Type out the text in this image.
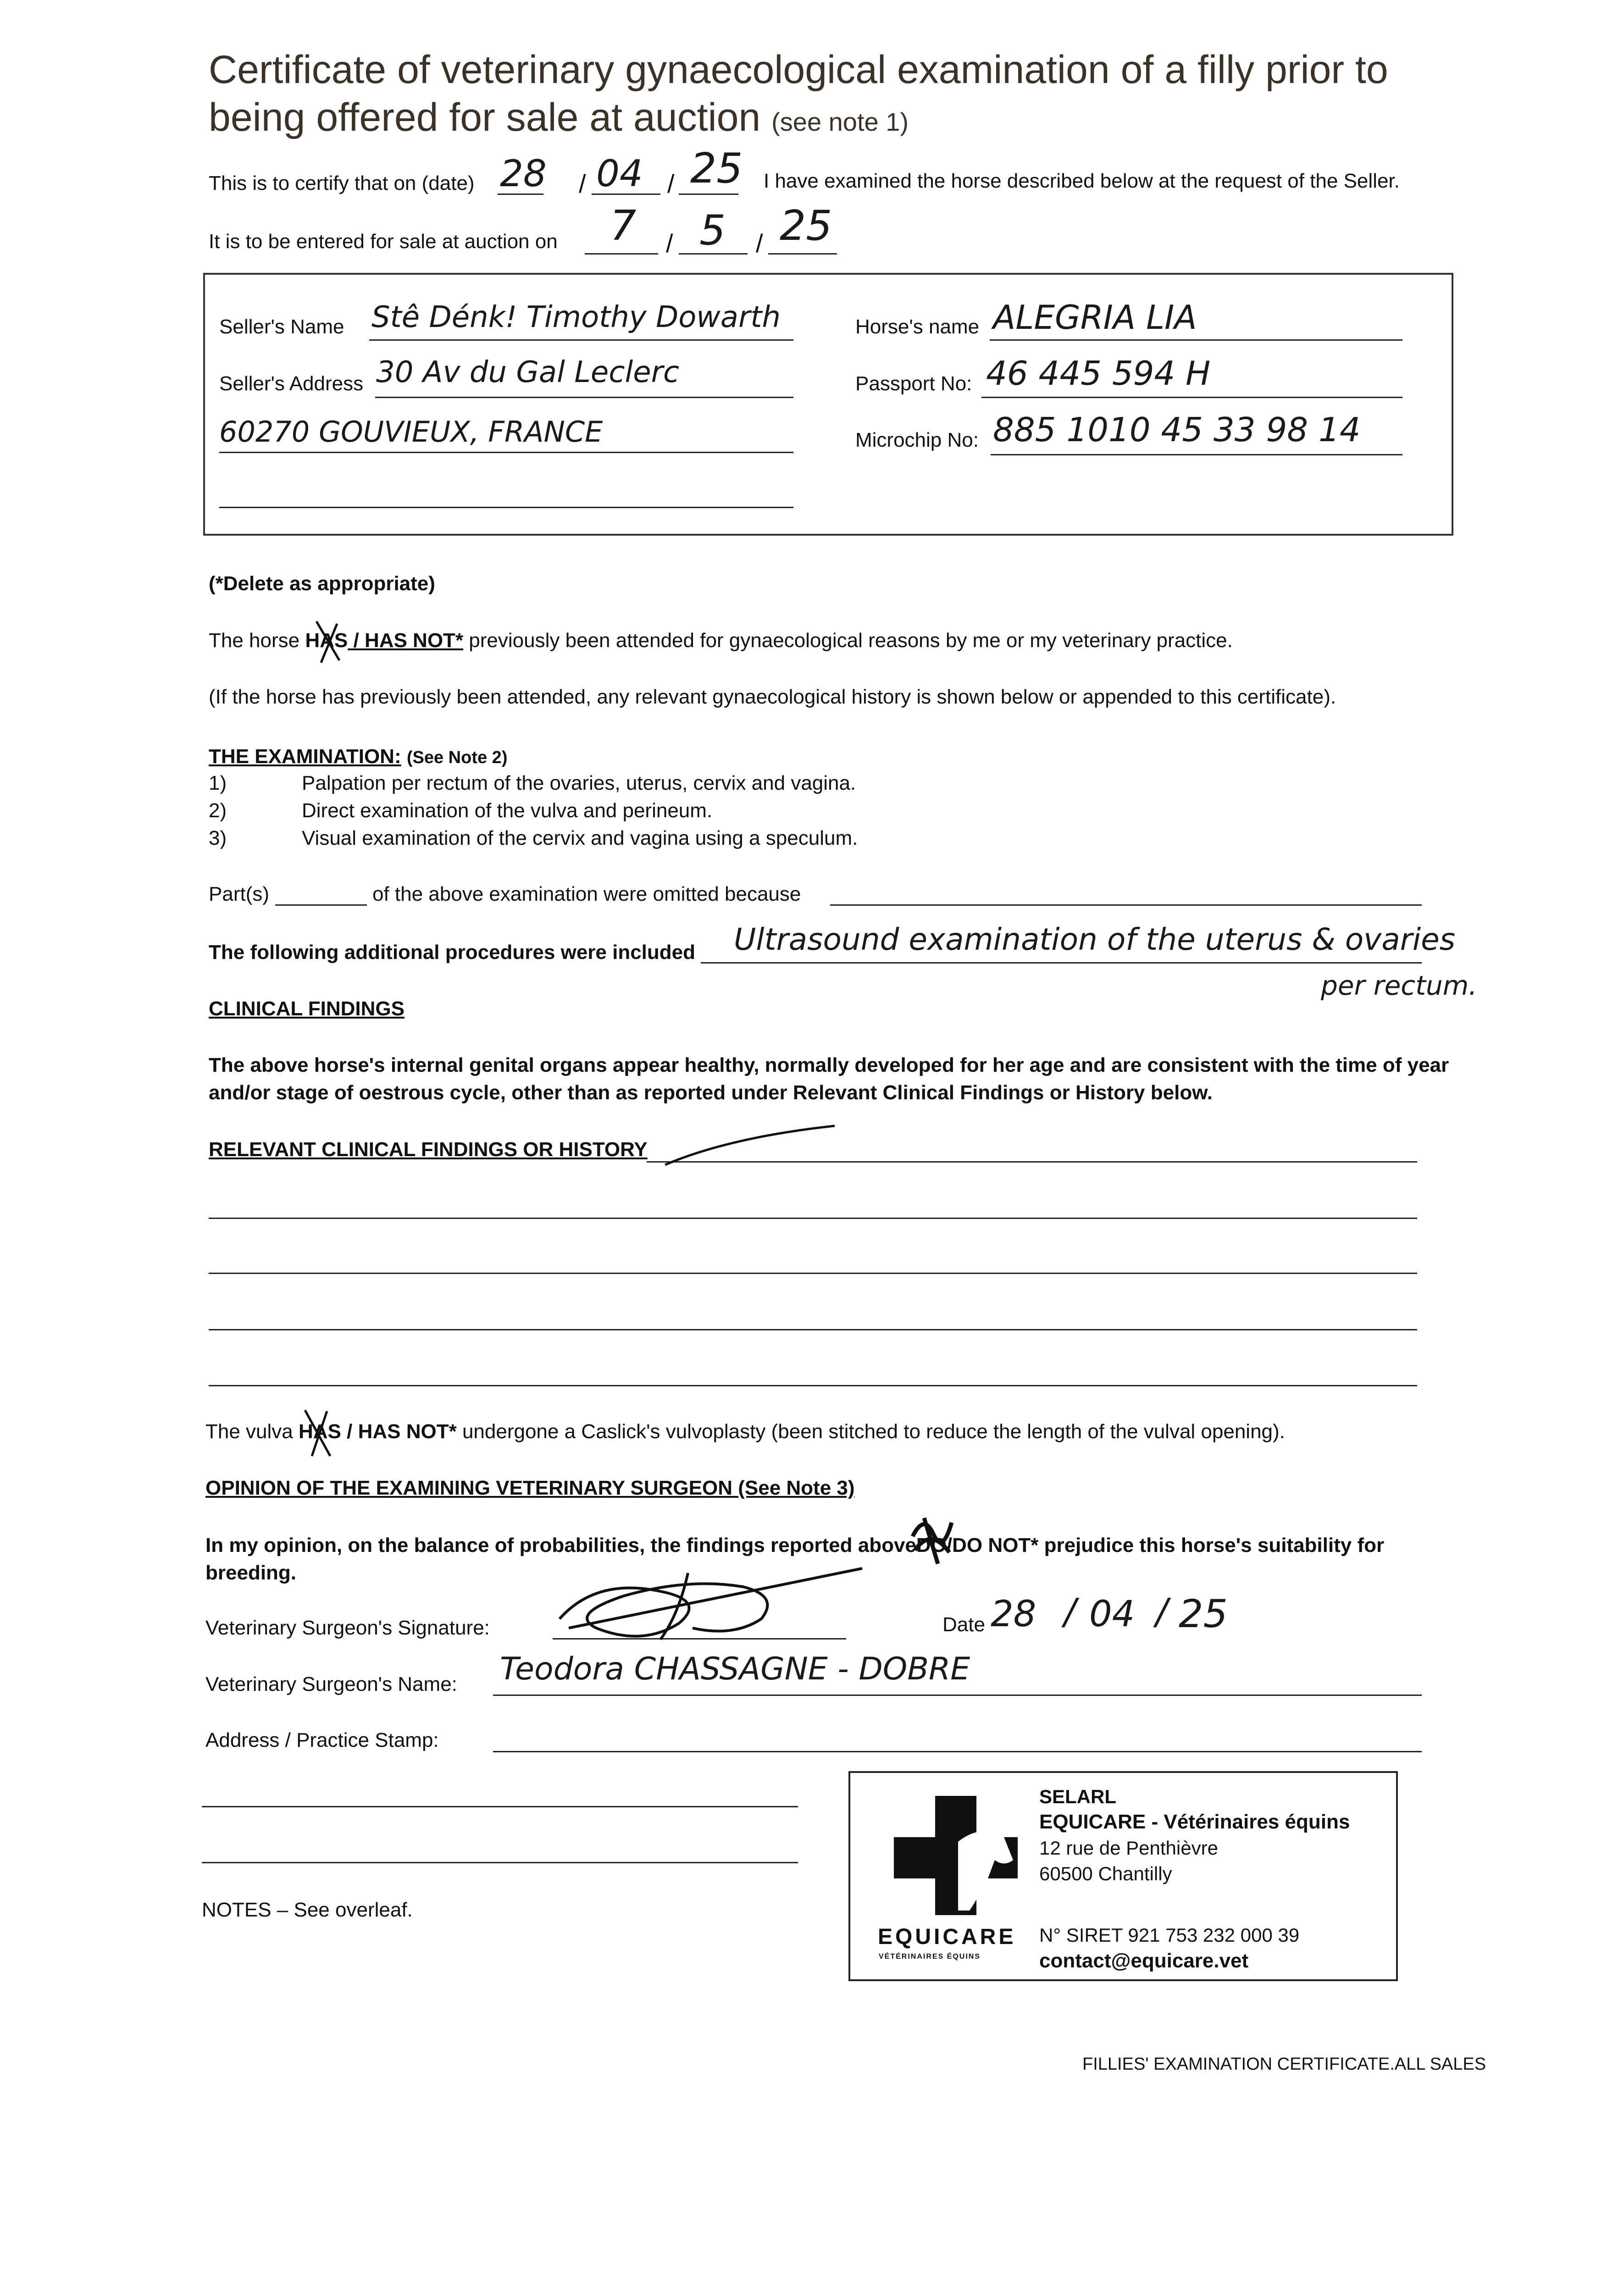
Certificate of veterinary gynaecological examination of a filly prior to
being offered for sale at auction (see note 1)
This is to certify that on (date) 28 / 04 / 25 I have examined the horse described below at the request of the Seller.
It is to be entered for sale at auction on 7 / 5 / 25
Seller's Name Stê Dénk! Timothy Dowarth
Seller's Address 30 Av du Gal Leclerc
60270 GOUVIEUX, FRANCE
Horse's name ALEGRIA LIA
Passport No: 46 445 594 H
Microchip No: 885 1010 45 33 98 14
(*Delete as appropriate)
The horse HAS / HAS NOT* previously been attended for gynaecological reasons by me or my veterinary practice.
(If the horse has previously been attended, any relevant gynaecological history is shown below or appended to this certificate).
THE EXAMINATION: (See Note 2)
1)	Palpation per rectum of the ovaries, uterus, cervix and vagina.
2)	Direct examination of the vulva and perineum.
3)	Visual examination of the cervix and vagina using a speculum.
Part(s)	of the above examination were omitted because
The following additional procedures were included Ultrasound examination of the uterus & ovaries
per rectum.
CLINICAL FINDINGS
The above horse's internal genital organs appear healthy, normally developed for her age and are consistent with the time of year
and/or stage of oestrous cycle, other than as reported under Relevant Clinical Findings or History below.
RELEVANT CLINICAL FINDINGS OR HISTORY
The vulva HAS / HAS NOT* undergone a Caslick's vulvoplasty (been stitched to reduce the length of the vulval opening).
OPINION OF THE EXAMINING VETERINARY SURGEON (See Note 3)
In my opinion, on the balance of probabilities, the findings reported aboveDO/DO NOT* prejudice this horse's suitability for
breeding.
Veterinary Surgeon's Signature:	Date 28 / 04 / 25
Veterinary Surgeon's Name: Teodora CHASSAGNE - DOBRE
Address / Practice Stamp:
EQUICARE
VÉTÉRINAIRES ÉQUINS
SELARL
EQUICARE - Vétérinaires équins
12 rue de Penthièvre
60500 Chantilly
N° SIRET 921 753 232 000 39
contact@equicare.vet
NOTES – See overleaf.
FILLIES' EXAMINATION CERTIFICATE.ALL SALES
